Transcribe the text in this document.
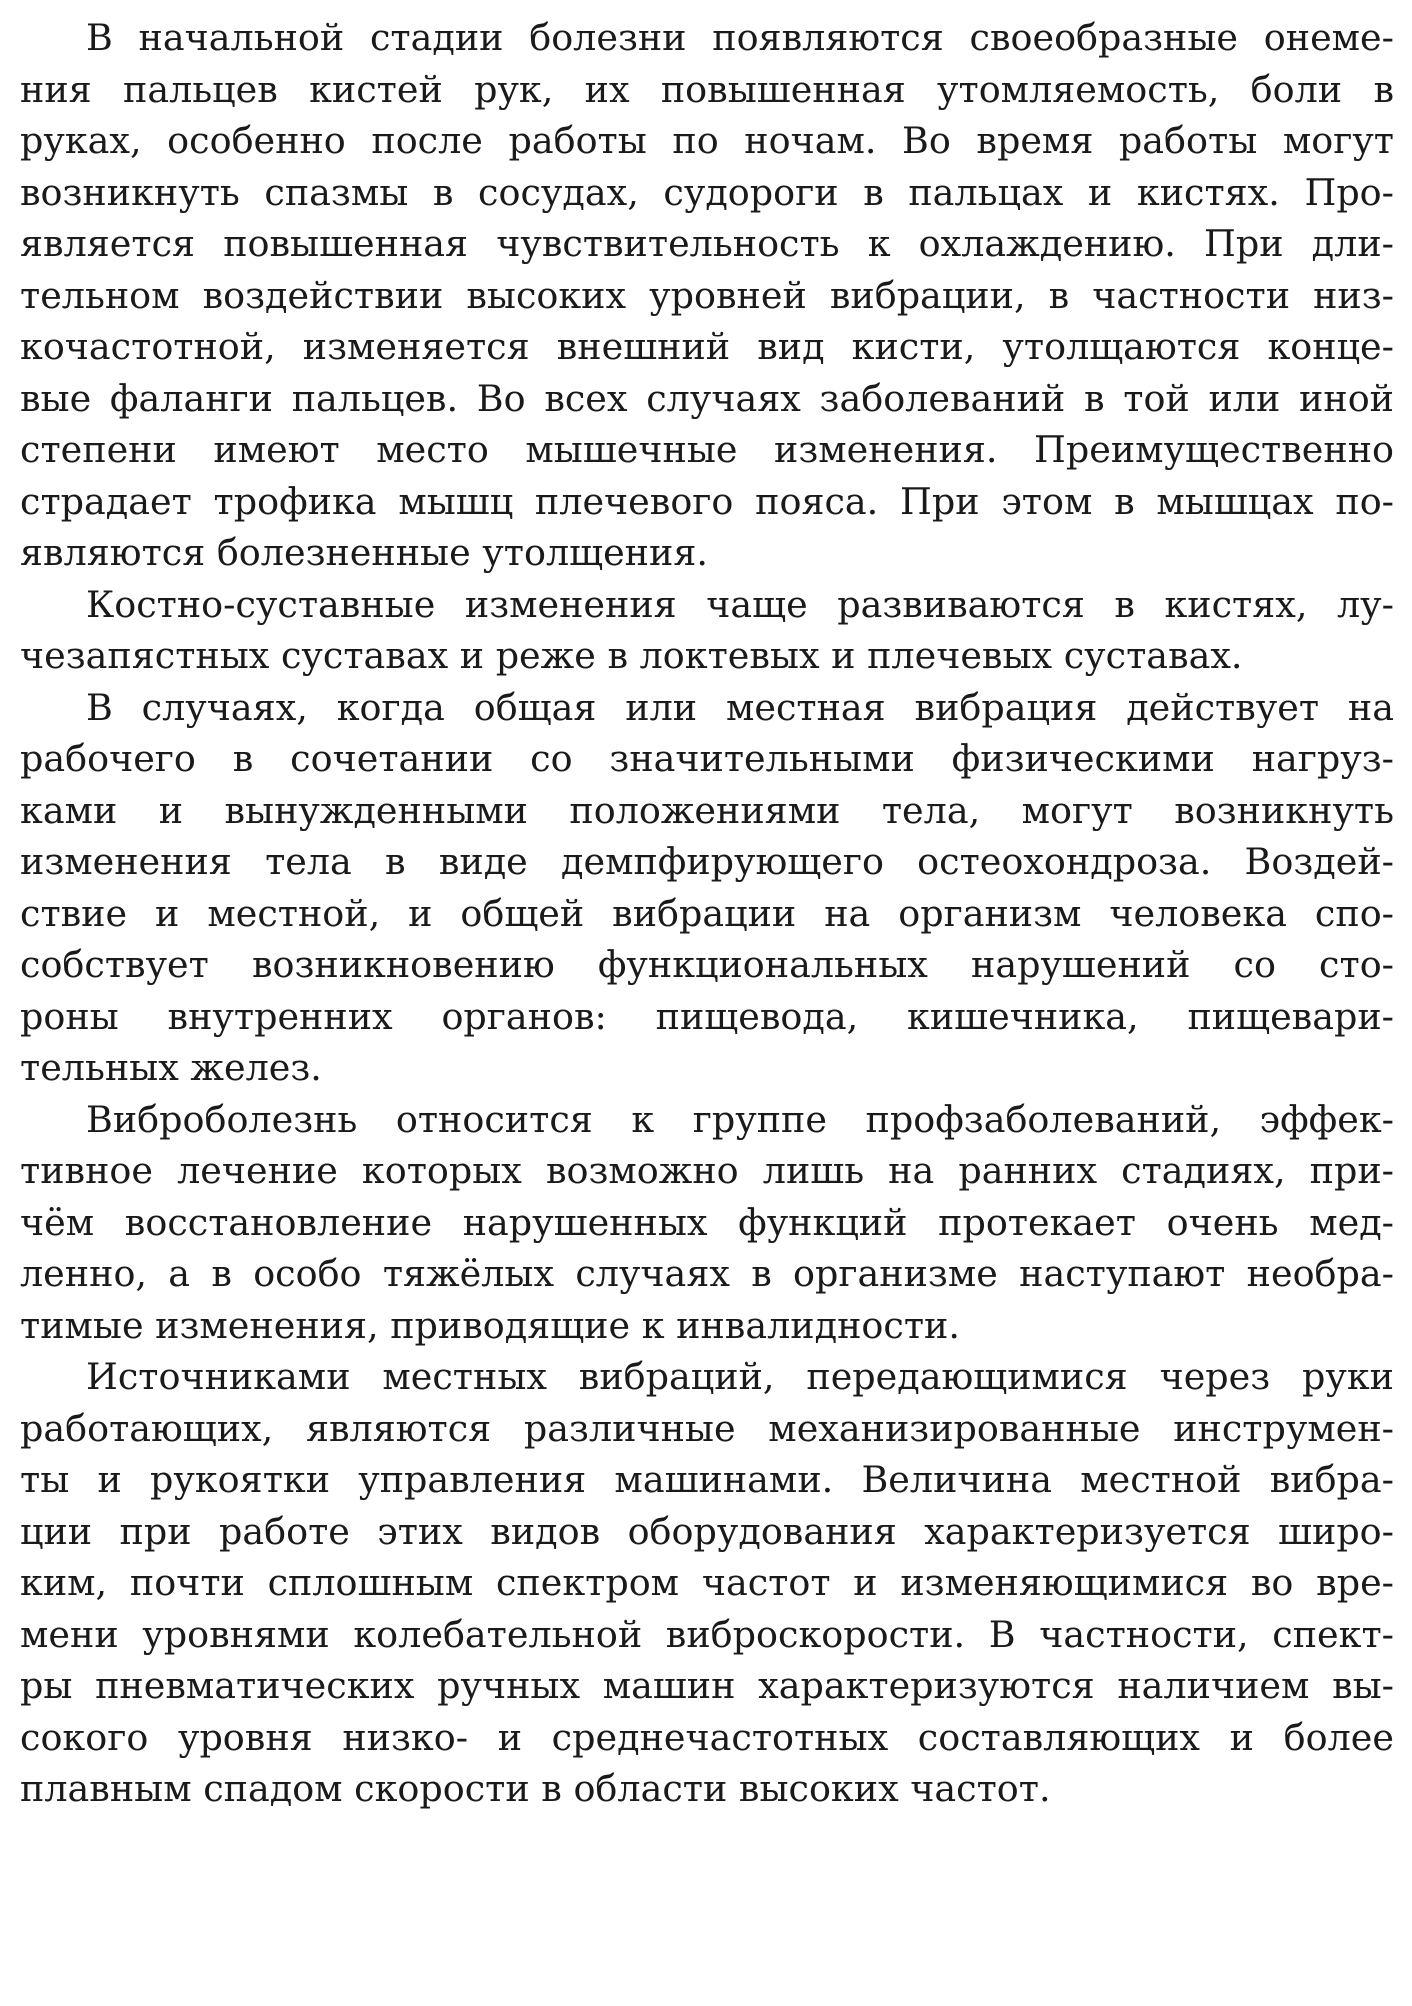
В начальной стадии болезни появляются своеобразные онеме-
ния пальцев кистей рук, их повышенная утомляемость, боли в
руках, особенно после работы по ночам. Во время работы могут
возникнуть спазмы в сосудах, судороги в пальцах и кистях. Про-
является повышенная чувствительность к охлаждению. При дли-
тельном воздействии высоких уровней вибрации, в частности низ-
кочастотной, изменяется внешний вид кисти, утолщаются конце-
вые фаланги пальцев. Во всех случаях заболеваний в той или иной
степени имеют место мышечные изменения. Преимущественно
страдает трофика мышц плечевого пояса. При этом в мышцах по-
являются болезненные утолщения.

Костно-суставные изменения чаще развиваются в кистях, лу-
чезапястных суставах и реже в локтевых и плечевых суставах.

В случаях, когда общая или местная вибрация действует на
рабочего в сочетании со значительными физическими нагруз-
ками и вынужденными положениями тела, могут возникнуть
изменения тела в виде демпфирующего остеохондроза. Воздей-
ствие и местной, и общей вибрации на организм человека спо-
собствует возникновению функциональных нарушений со сто-
роны внутренних органов: пищевода, кишечника, пищевари-
тельных желез.

Виброболезнь относится к группе профзаболеваний, эффек-
тивное лечение которых возможно лишь на ранних стадиях, при-
чём восстановление нарушенных функций протекает очень мед-
ленно, а в особо тяжёлых случаях в организме наступают необра-
тимые изменения, приводящие к инвалидности.

Источниками местных вибраций, передающимися через руки
работающих, являются различные механизированные инструмен-
ты и рукоятки управления машинами. Величина местной вибра-
ции при работе этих видов оборудования характеризуется широ-
ким, почти сплошным спектром частот и изменяющимися во вре-
мени уровнями колебательной виброскорости. В частности, спект-
ры пневматических ручных машин характеризуются наличием вы-
сокого уровня низко- и среднечастотных составляющих и более
плавным спадом скорости в области высоких частот.
